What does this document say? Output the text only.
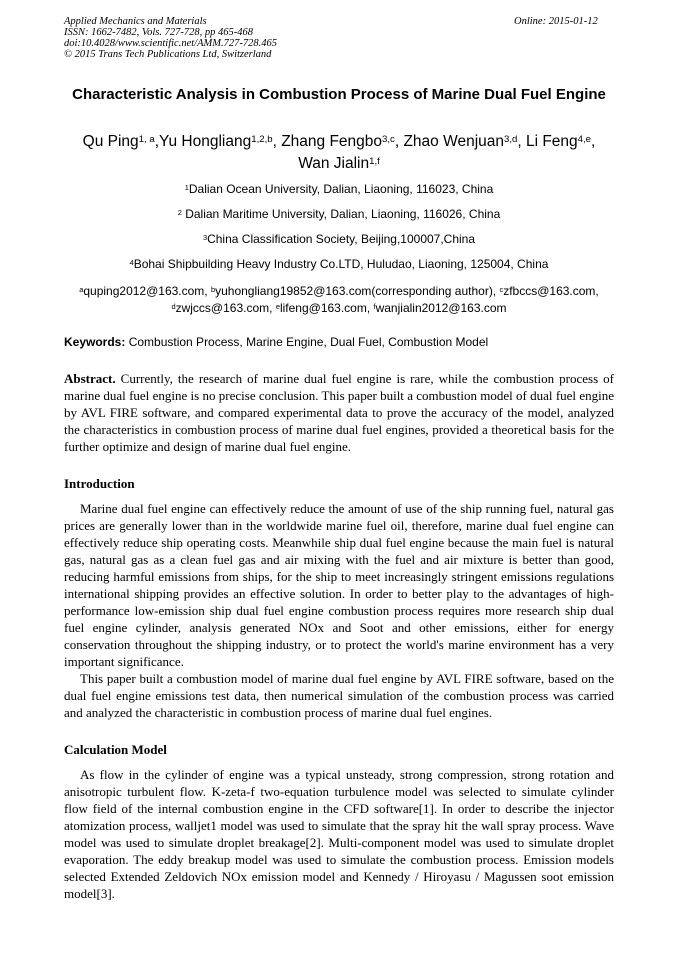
Applied Mechanics and Materials
ISSN: 1662-7482, Vols. 727-728, pp 465-468
doi:10.4028/www.scientific.net/AMM.727-728.465
© 2015 Trans Tech Publications Ltd, Switzerland
Online: 2015-01-12
Characteristic Analysis in Combustion Process of Marine Dual Fuel Engine
Qu Ping$^{1, a}$,Yu Hongliang$^{1,2,b}$, Zhang Fengbo$^{3,c}$, Zhao Wenjuan$^{3,d}$, Li Feng$^{4,e}$,
Wan Jialin$^{1,f}$
$^1$Dalian Ocean University, Dalian, Liaoning, 116023, China
$^2$ Dalian Maritime University, Dalian, Liaoning, 116026, China
$^3$China Classification Society, Beijing,100007,China
$^4$Bohai Shipbuilding Heavy Industry Co.LTD, Huludao, Liaoning, 125004, China
$^a$quping2012@163.com, $^b$yuhongliang19852@163.com(corresponding author), $^c$zfbccs@163.com,
$^d$zwjccs@163.com, $^e$lifeng@163.com, $^f$wanjialin2012@163.com
Keywords: Combustion Process, Marine Engine, Dual Fuel, Combustion Model
Abstract. Currently, the research of marine dual fuel engine is rare, while the combustion process of marine dual fuel engine is no precise conclusion. This paper built a combustion model of dual fuel engine by AVL FIRE software, and compared experimental data to prove the accuracy of the model, analyzed the characteristics in combustion process of marine dual fuel engines, provided a theoretical basis for the further optimize and design of marine dual fuel engine.
Introduction
Marine dual fuel engine can effectively reduce the amount of use of the ship running fuel, natural gas prices are generally lower than in the worldwide marine fuel oil, therefore, marine dual fuel engine can effectively reduce ship operating costs. Meanwhile ship dual fuel engine because the main fuel is natural gas, natural gas as a clean fuel gas and air mixing with the fuel and air mixture is better than good, reducing harmful emissions from ships, for the ship to meet increasingly stringent emissions regulations international shipping provides an effective solution. In order to better play to the advantages of high-performance low-emission ship dual fuel engine combustion process requires more research ship dual fuel engine cylinder, analysis generated NOx and Soot and other emissions, either for energy conservation throughout the shipping industry, or to protect the world's marine environment has a very important significance.
This paper built a combustion model of marine dual fuel engine by AVL FIRE software, based on the dual fuel engine emissions test data, then numerical simulation of the combustion process was carried and analyzed the characteristic in combustion process of marine dual fuel engines.
Calculation Model
As flow in the cylinder of engine was a typical unsteady, strong compression, strong rotation and anisotropic turbulent flow. K-zeta-f two-equation turbulence model was selected to simulate cylinder flow field of the internal combustion engine in the CFD software[1]. In order to describe the injector atomization process, walljet1 model was used to simulate that the spray hit the wall spray process. Wave model was used to simulate droplet breakage[2]. Multi-component model was used to simulate droplet evaporation. The eddy breakup model was used to simulate the combustion process. Emission models selected Extended Zeldovich NOx emission model and Kennedy / Hiroyasu / Magussen soot emission model[3].
